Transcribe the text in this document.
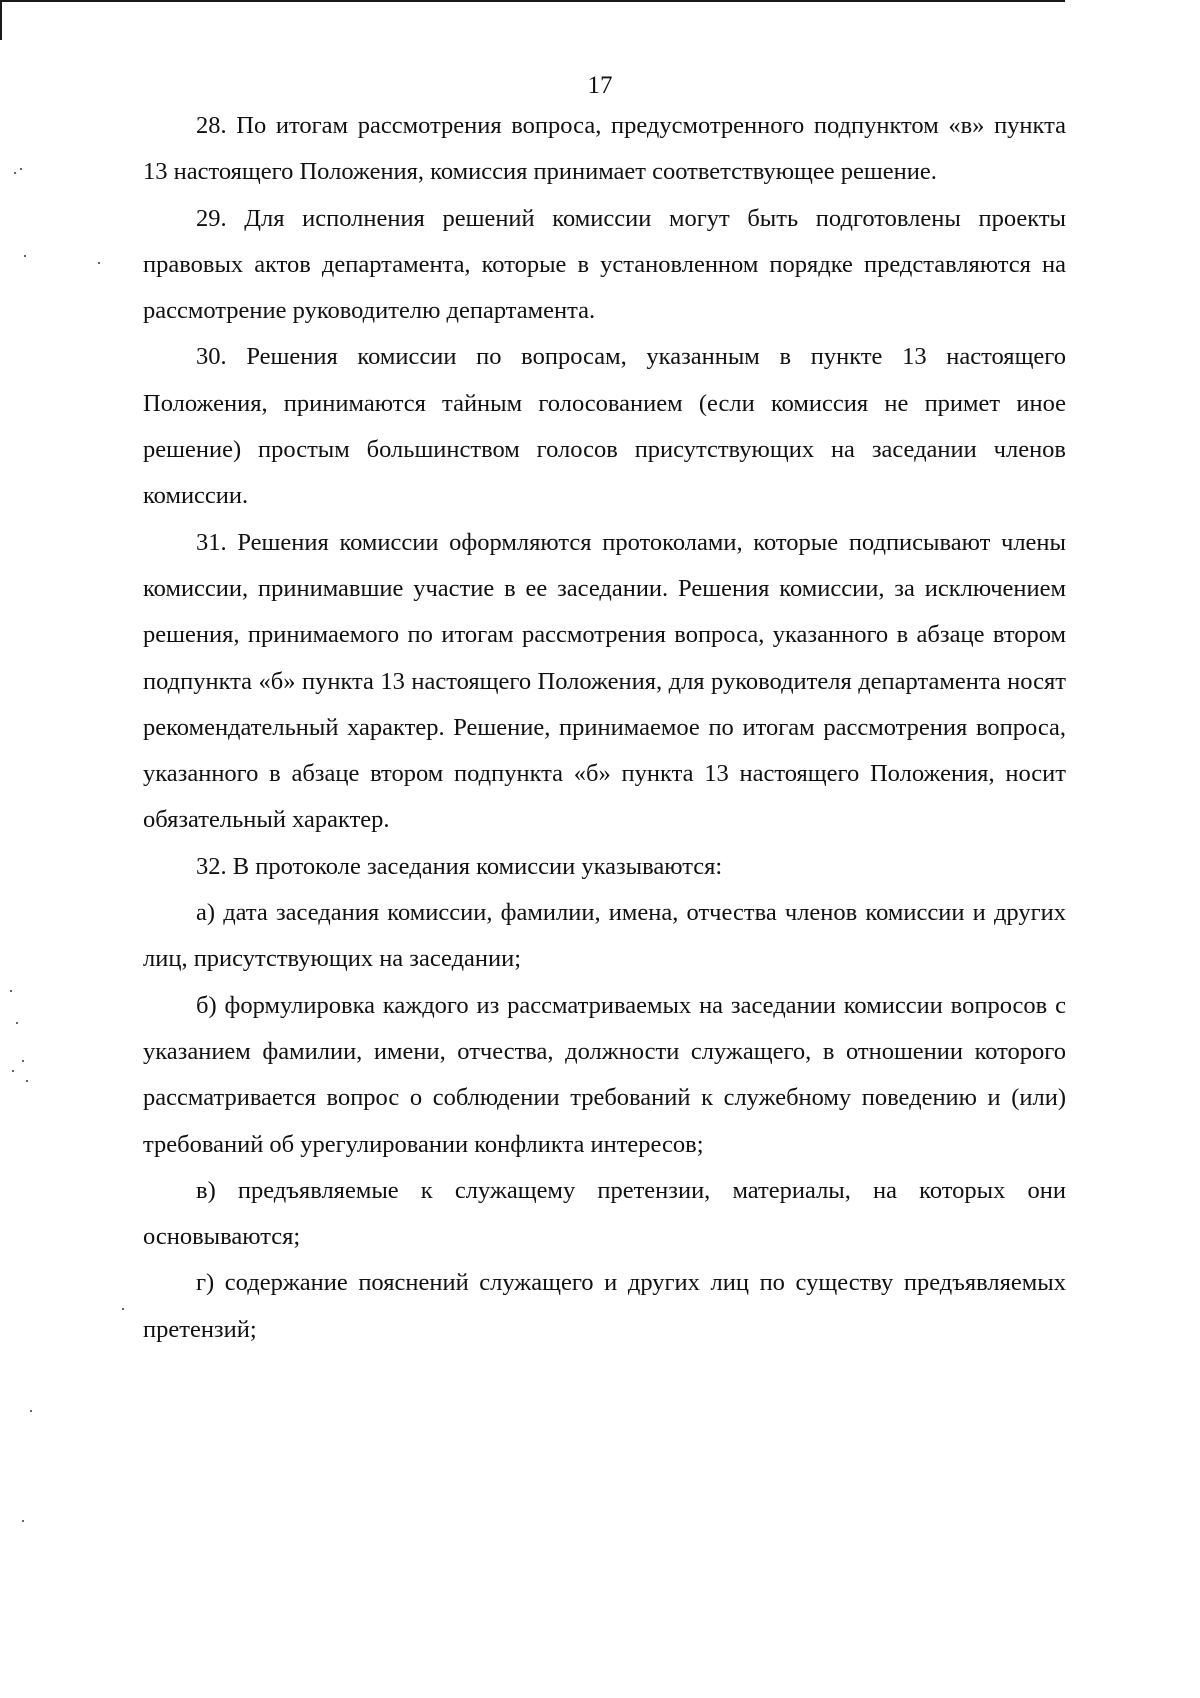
17

28. По итогам рассмотрения вопроса, предусмотренного подпунктом «в» пункта 13 настоящего Положения, комиссия принимает соответствующее решение.

29. Для исполнения решений комиссии могут быть подготовлены проекты правовых актов департамента, которые в установленном порядке представляются на рассмотрение руководителю департамента.

30. Решения комиссии по вопросам, указанным в пункте 13 настоящего Положения, принимаются тайным голосованием (если комиссия не примет иное решение) простым большинством голосов присутствующих на заседании членов комиссии.

31. Решения комиссии оформляются протоколами, которые подписывают члены комиссии, принимавшие участие в ее заседании. Решения комиссии, за исключением решения, принимаемого по итогам рассмотрения вопроса, указанного в абзаце втором подпункта «б» пункта 13 настоящего Положения, для руководителя департамента носят рекомендательный характер. Решение, принимаемое по итогам рассмотрения вопроса, указанного в абзаце втором подпункта «б» пункта 13 настоящего Положения, носит обязательный характер.

32. В протоколе заседания комиссии указываются:

а) дата заседания комиссии, фамилии, имена, отчества членов комиссии и других лиц, присутствующих на заседании;

б) формулировка каждого из рассматриваемых на заседании комиссии вопросов с указанием фамилии, имени, отчества, должности служащего, в отношении которого рассматривается вопрос о соблюдении требований к служебному поведению и (или) требований об урегулировании конфликта интересов;

в) предъявляемые к служащему претензии, материалы, на которых они основываются;

г) содержание пояснений служащего и других лиц по существу предъявляемых претензий;
